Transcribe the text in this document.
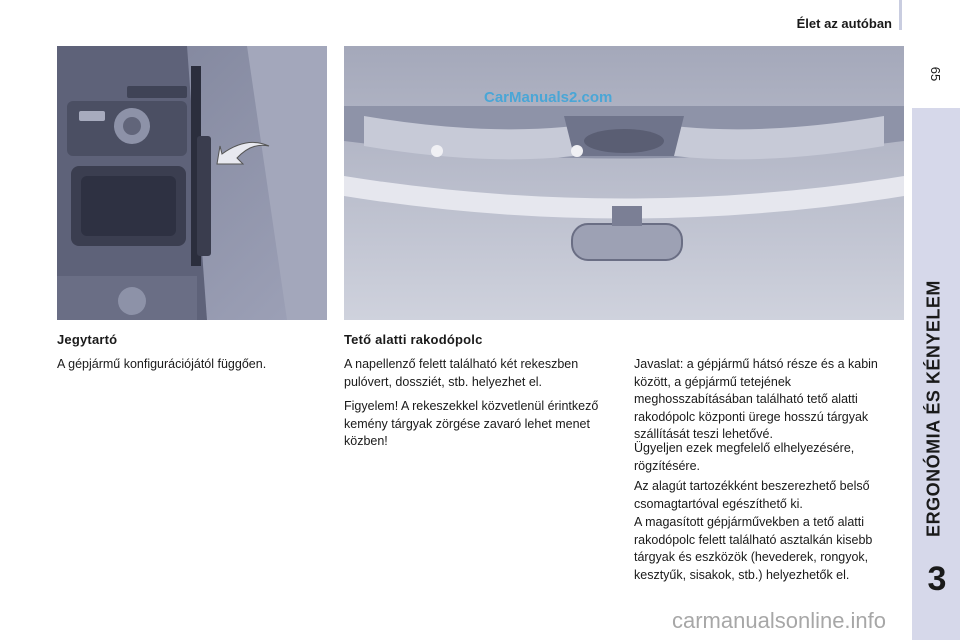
Élet az autóban
65
ERGONÓMIA ÉS KÉNYELEM
3
CarManuals2.com
Jegytartó

A gépjármű konfigurációjától függően.

Tető alatti rakodópolc

A napellenző felett található két rekeszben pulóvert, dossziét, stb. helyezhet el.

Figyelem! A rekeszekkel közvetlenül érintkező kemény tárgyak zörgése zavaró lehet menet közben!

Javaslat: a gépjármű hátsó része és a kabin között, a gépjármű tetejének meghosszabításában található tető alatti rakodópolc központi ürege hosszú tárgyak szállítását teszi lehetővé.

Ügyeljen ezek megfelelő elhelyezésére, rögzítésére.

Az alagút tartozékként beszerezhető belső csomagtartóval egészíthető ki.

A magasított gépjárművekben a tető alatti rakodópolc felett található asztalkán kisebb tárgyak és eszközök (hevederek, rongyok, kesztyűk, sisakok, stb.) helyezhetők el.

carmanualsonline.info
